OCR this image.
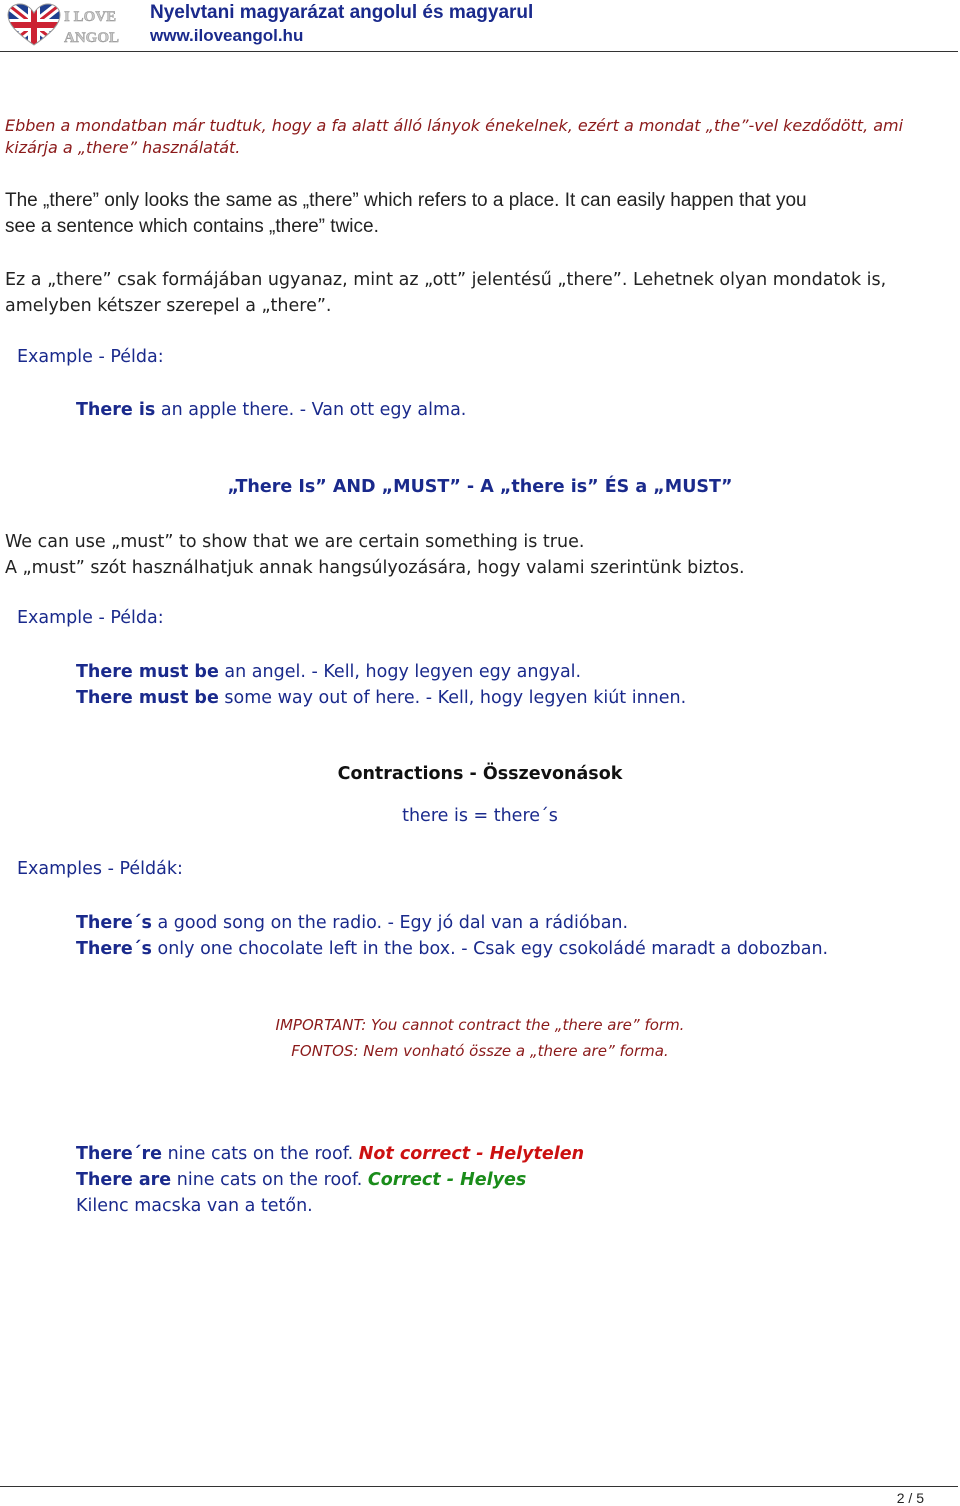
I LOVE
ANGOL
Nyelvtani magyarázat angolul és magyarul
www.iloveangol.hu
Ebben a mondatban már tudtuk, hogy a fa alatt álló lányok énekelnek, ezért a mondat „the”-vel kezdődött, ami
kizárja a „there” használatát.
The „there” only looks the same as „there” which refers to a place. It can easily happen that you
see a sentence which contains „there” twice.
Ez a „there” csak formájában ugyanaz, mint az „ott” jelentésű „there”. Lehetnek olyan mondatok is,
amelyben kétszer szerepel a „there”.
Example - Példa:
There is an apple there. - Van ott egy alma.
„There Is” AND „MUST” - A „there is” ÉS a „MUST”
We can use „must” to show that we are certain something is true.
A „must” szót használhatjuk annak hangsúlyozására, hogy valami szerintünk biztos.
Example - Példa:
There must be an angel. - Kell, hogy legyen egy angyal.
There must be some way out of here. - Kell, hogy legyen kiút innen.
Contractions - Összevonások
there is = there´s
Examples - Példák:
There´s a good song on the radio. - Egy jó dal van a rádióban.
There´s only one chocolate left in the box. - Csak egy csokoládé maradt a dobozban.
IMPORTANT: You cannot contract the „there are” form.
FONTOS: Nem vonható össze a „there are” forma.
There´re nine cats on the roof. Not correct - Helytelen
There are nine cats on the roof. Correct - Helyes
Kilenc macska van a tetőn.
2 / 5
